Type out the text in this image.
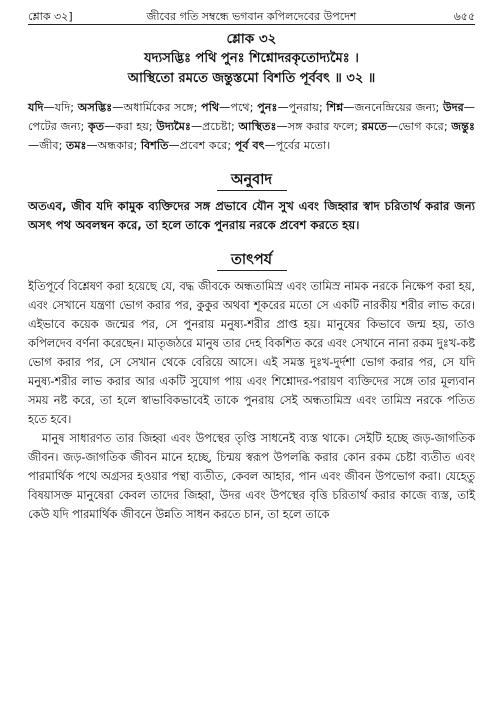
শ্লোক ৩২]	জীবের গতি সম্বন্ধে ভগবান কপিলদেবের উপদেশ	৬৫৫
শ্লোক ৩২
যদ্যসদ্ভিঃ পথি পুনঃ শিশ্নোদরকৃতোদ্যমৈঃ ।
আস্থিতো রমতে জন্তুস্তমো বিশতি পূর্ববৎ ॥ ৩২ ॥
যদি—যদি; অসদ্ভিঃ—অধার্মিকের সঙ্গে; পথি—পথে; পুনঃ—পুনরায়; শিশ্ন—জননেন্দ্রিয়ের জন্য; উদর—পেটের জন্য; কৃত—করা হয়; উদ্যমৈঃ—প্রচেষ্টা; আস্থিতঃ—সঙ্গ করার ফলে; রমতে—ভোগ করে; জন্তুঃ—জীব; তমঃ—অন্ধকার; বিশতি—প্রবেশ করে; পূর্ব বৎ—পূর্বের মতো।
অনুবাদ
অতএব, জীব যদি কামুক ব্যক্তিদের সঙ্গ প্রভাবে যৌন সুখ এবং জিহ্বার স্বাদ চরিতার্থ করার জন্য অসৎ পথ অবলম্বন করে, তা হলে তাকে পুনরায় নরকে প্রবেশ করতে হয়।
তাৎপর্য

ইতিপূর্বে বিশ্লেষণ করা হয়েছে যে, বদ্ধ জীবকে অন্ধতামিস্র এবং তামিস্র নামক নরকে নিক্ষেপ করা হয়, এবং সেখানে যন্ত্রণা ভোগ করার পর, কুকুর অথবা শূকরের মতো সে একটি নারকীয় শরীর লাভ করে। এইভাবে কয়েক জন্মের পর, সে পুনরায় মনুষ্য-শরীর প্রাপ্ত হয়। মানুষের কিভাবে জন্ম হয়, তাও কপিলদেব বর্ণনা করেছেন। মাতৃজঠরে মানুষ তার দেহ বিকশিত করে এবং সেখানে নানা রকম দুঃখ-কষ্ট ভোগ করার পর, সে সেখান থেকে বেরিয়ে আসে। এই সমস্ত দুঃখ-দুর্দশা ভোগ করার পর, সে যদি মনুষ্য-শরীর লাভ করার আর একটি সুযোগ পায় এবং শিশ্নোদর-পরায়ণ ব্যক্তিদের সঙ্গে তার মূল্যবান সময় নষ্ট করে, তা হলে স্বাভাবিকভাবেই তাকে পুনরায় সেই অন্ধতামিস্র এবং তামিস্র নরকে পতিত হতে হবে।

মানুষ সাধারণত তার জিহ্বা এবং উপস্থের তৃপ্তি সাধনেই ব্যস্ত থাকে। সেইটি হচ্ছে জড়-জাগতিক জীবন। জড়-জাগতিক জীবন মানে হচ্ছে, চিন্ময় স্বরূপ উপলব্ধি করার কোন রকম চেষ্টা ব্যতীত এবং পারমার্থিক পথে অগ্রসর হওয়ার পন্থা ব্যতীত, কেবল আহার, পান এবং জীবন উপভোগ করা। যেহেতু বিষয়াসক্ত মানুষেরা কেবল তাদের জিহ্বা, উদর এবং উপস্থের বৃত্তি চরিতার্থ করার কাজে ব্যস্ত, তাই কেউ যদি পারমার্থিক জীবনে উন্নতি সাধন করতে চান, তা হলে তাকে
